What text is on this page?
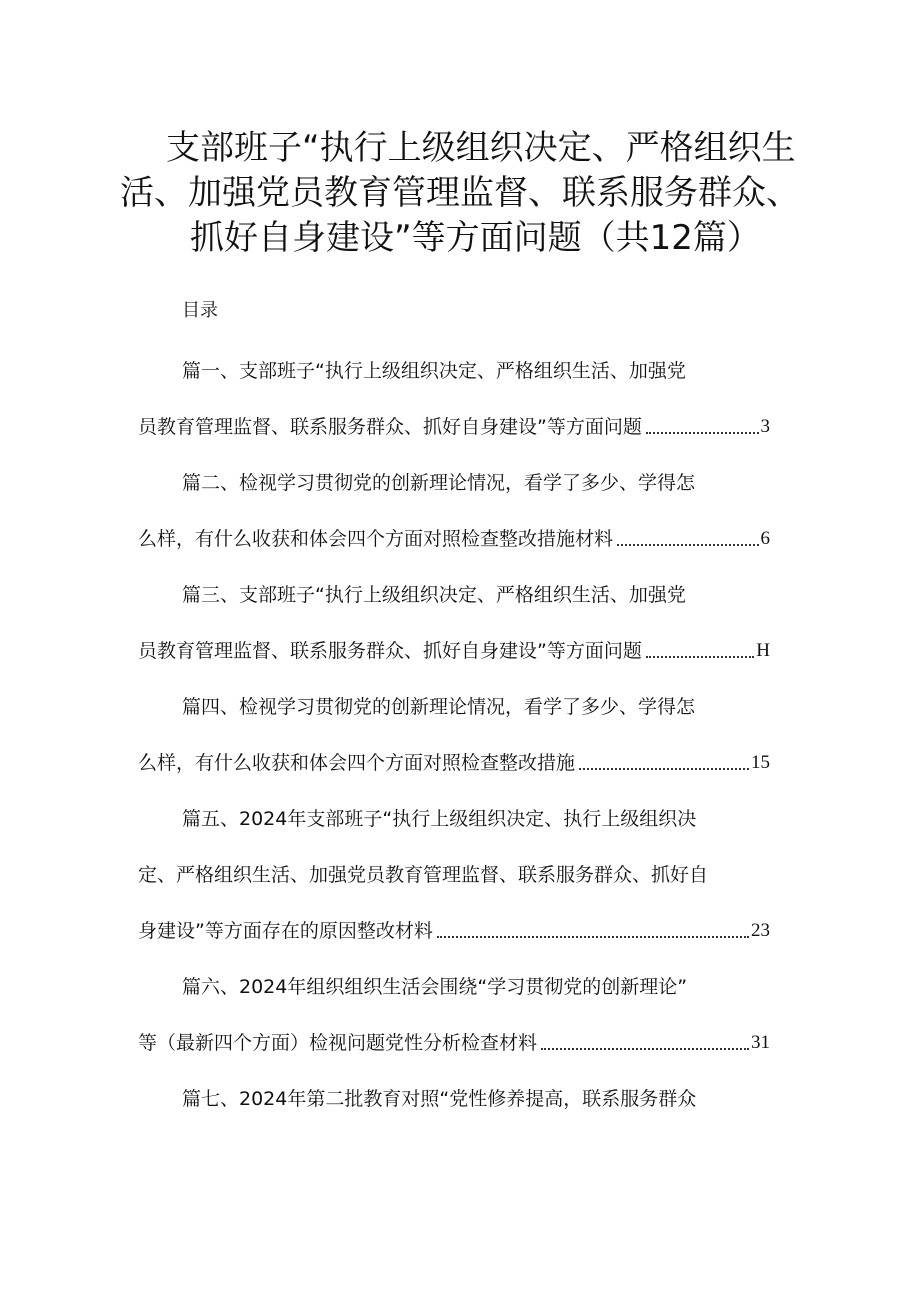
支部班子“执行上级组织决定、严格组织生
活、加强党员教育管理监督、联系服务群众、
抓好自身建设”等方面问题（共12篇）

目录

篇一、支部班子“执行上级组织决定、严格组织生活、加强党
员教育管理监督、联系服务群众、抓好自身建设”等方面问题	3
篇二、检视学习贯彻党的创新理论情况，看学了多少、学得怎
么样，有什么收获和体会四个方面对照检查整改措施材料	6
篇三、支部班子“执行上级组织决定、严格组织生活、加强党
员教育管理监督、联系服务群众、抓好自身建设”等方面问题	H
篇四、检视学习贯彻党的创新理论情况，看学了多少、学得怎
么样，有什么收获和体会四个方面对照检查整改措施	15
篇五、2024年支部班子“执行上级组织决定、执行上级组织决
定、严格组织生活、加强党员教育管理监督、联系服务群众、抓好自
身建设”等方面存在的原因整改材料	23
篇六、2024年组织组织生活会围绕“学习贯彻党的创新理论”
等（最新四个方面）检视问题党性分析检查材料	31
篇七、2024年第二批教育对照“党性修养提高，联系服务群众
